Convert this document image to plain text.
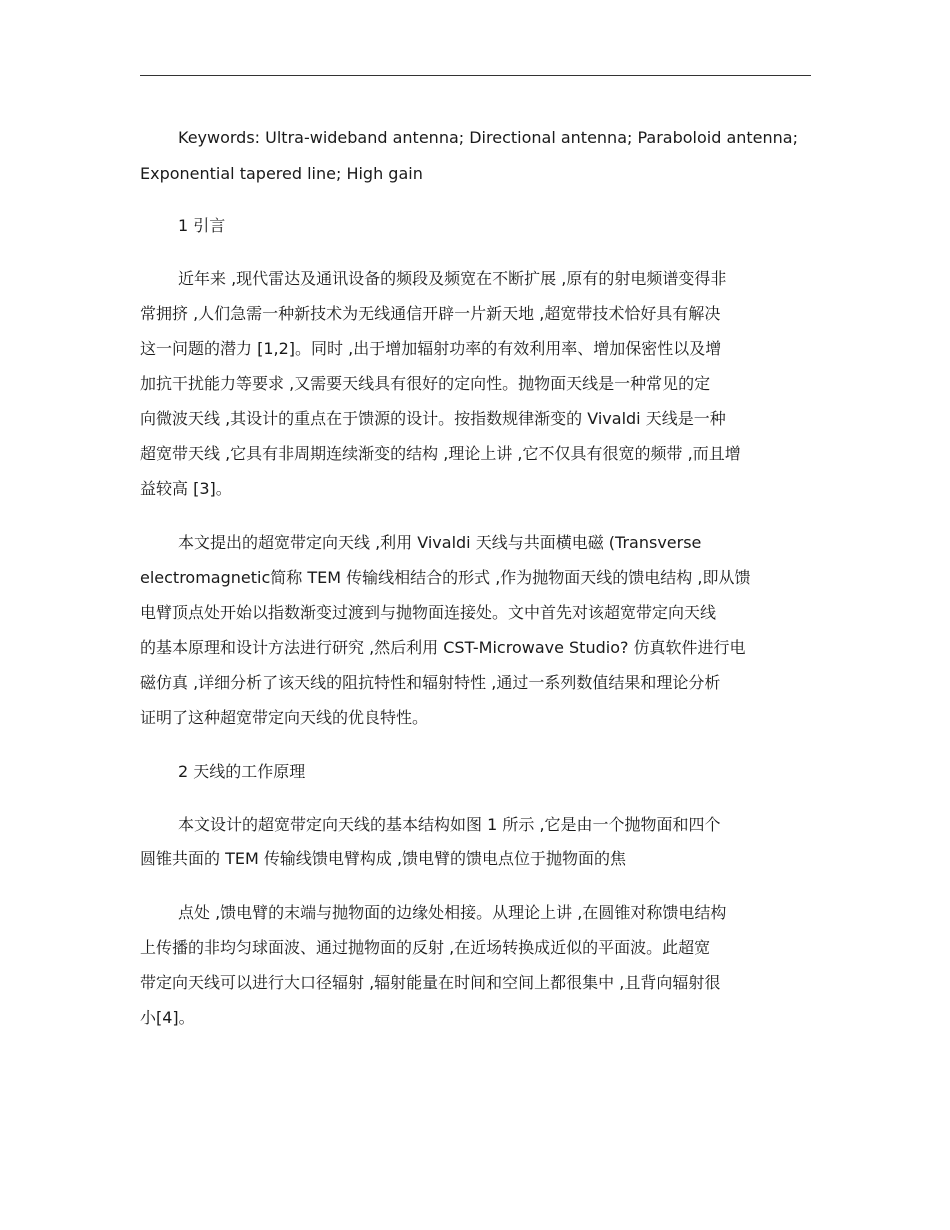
Keywords: Ultra-wideband antenna; Directional antenna; Paraboloid antenna;
Exponential tapered line; High gain
1 引言
近年来 ,现代雷达及通讯设备的频段及频宽在不断扩展 ,原有的射电频谱变得非
常拥挤 ,人们急需一种新技术为无线通信开辟一片新天地 ,超宽带技术恰好具有解决
这一问题的潜力 [1,2]。同时 ,出于增加辐射功率的有效利用率、增加保密性以及增
加抗干扰能力等要求 ,又需要天线具有很好的定向性。抛物面天线是一种常见的定
向微波天线 ,其设计的重点在于馈源的设计。按指数规律渐变的 Vivaldi 天线是一种
超宽带天线 ,它具有非周期连续渐变的结构 ,理论上讲 ,它不仅具有很宽的频带 ,而且增
益较高 [3]。
本文提出的超宽带定向天线 ,利用 Vivaldi 天线与共面横电磁 (Transverse
electromagnetic简称 TEM 传输线相结合的形式 ,作为抛物面天线的馈电结构 ,即从馈
电臂顶点处开始以指数渐变过渡到与抛物面连接处。文中首先对该超宽带定向天线
的基本原理和设计方法进行研究 ,然后利用 CST-Microwave Studio? 仿真软件进行电
磁仿真 ,详细分析了该天线的阻抗特性和辐射特性 ,通过一系列数值结果和理论分析
证明了这种超宽带定向天线的优良特性。
2 天线的工作原理
本文设计的超宽带定向天线的基本结构如图 1 所示 ,它是由一个抛物面和四个
圆锥共面的 TEM 传输线馈电臂构成 ,馈电臂的馈电点位于抛物面的焦
点处 ,馈电臂的末端与抛物面的边缘处相接。从理论上讲 ,在圆锥对称馈电结构
上传播的非均匀球面波、通过抛物面的反射 ,在近场转换成近似的平面波。此超宽
带定向天线可以进行大口径辐射 ,辐射能量在时间和空间上都很集中 ,且背向辐射很
小[4]。
